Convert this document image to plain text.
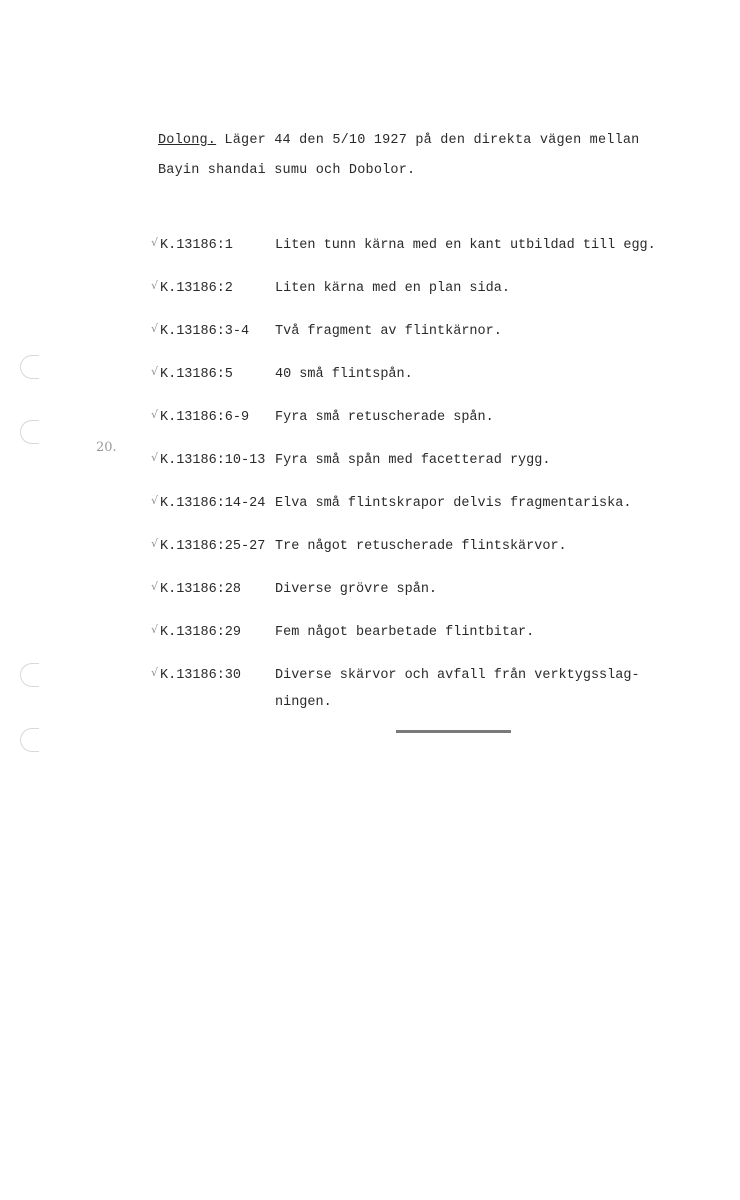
Dolong. Läger 44 den 5/10 1927 på den direkta vägen mellan
Bayin shandai sumu och Dobolor.
20.
√ K.13186:1	Liten tunn kärna med en kant utbildad till egg.
√ K.13186:2	Liten kärna med en plan sida.
√ K.13186:3-4	Två fragment av flintkärnor.
√ K.13186:5	40 små flintspån.
√ K.13186:6-9	Fyra små retuscherade spån.
√ K.13186:10-13 Fyra små spån med facetterad rygg.
√ K.13186:14-24 Elva små flintskrapor delvis fragmentariska.
√ K.13186:25-27 Tre något retuscherade flintskärvor.
√ K.13186:28	Diverse grövre spån.
√ K.13186:29	Fem något bearbetade flintbitar.
√ K.13186:30	Diverse skärvor och avfall från verktygsslag-ningen.
